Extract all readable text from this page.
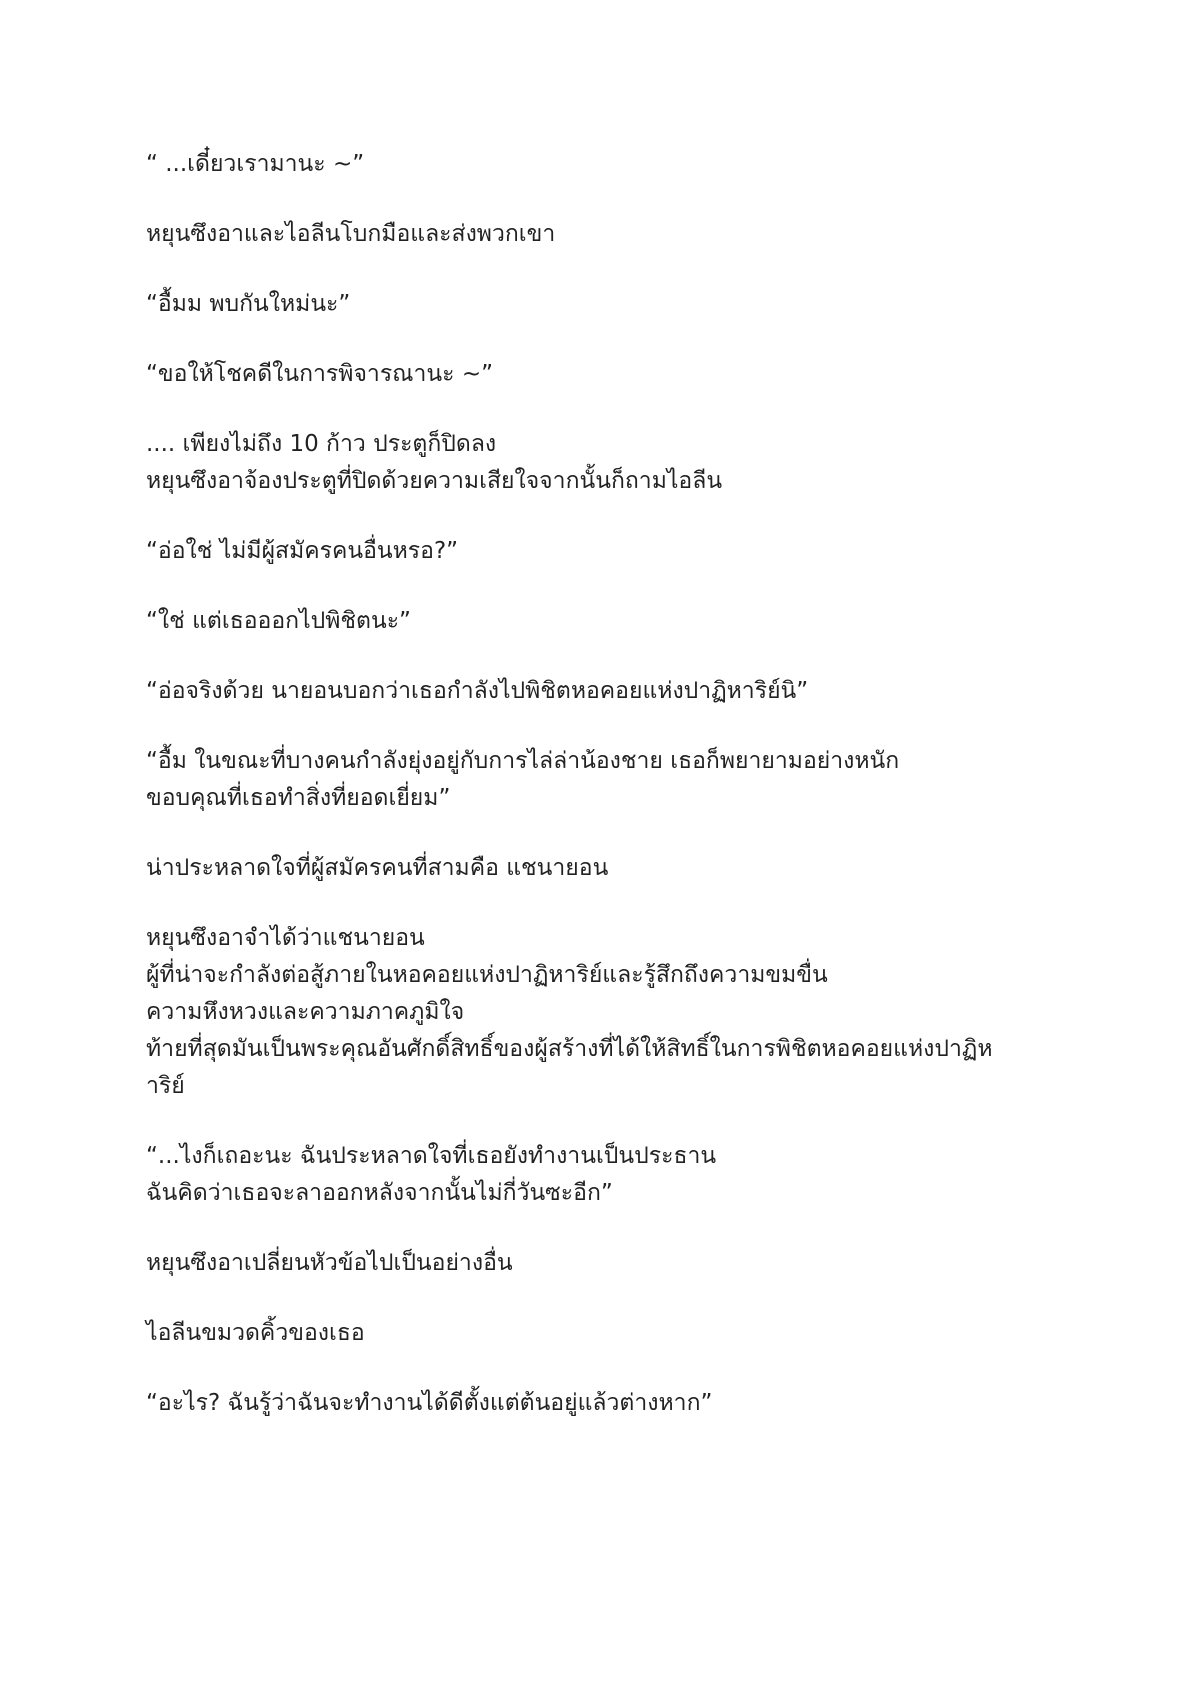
“ ...เดี๋ยวเรามานะ ~”

หยุนซึงอาและไอลีนโบกมือและส่งพวกเขา

“อื้มม พบกันใหม่นะ”

“ขอให้โชคดีในการพิจารณานะ ~”

.... เพียงไม่ถึง 10 ก้าว ประตูก็ปิดลง
หยุนซึงอาจ้องประตูที่ปิดด้วยความเสียใจจากนั้นก็ถามไอลีน

“อ่อใช่ ไม่มีผู้สมัครคนอื่นหรอ?”

“ใช่ แต่เธอออกไปพิชิตนะ”

“อ่อจริงด้วย นายอนบอกว่าเธอกำลังไปพิชิตหอคอยแห่งปาฏิหาริย์นิ”

“อื้ม ในขณะที่บางคนกำลังยุ่งอยู่กับการไล่ล่าน้องชาย เธอก็พยายามอย่างหนัก
ขอบคุณที่เธอทำสิ่งที่ยอดเยี่ยม”

น่าประหลาดใจที่ผู้สมัครคนที่สามคือ แชนายอน

หยุนซึงอาจำได้ว่าแชนายอน
ผู้ที่น่าจะกำลังต่อสู้ภายในหอคอยแห่งปาฏิหาริย์และรู้สึกถึงความขมขื่น
ความหึงหวงและความภาคภูมิใจ
ท้ายที่สุดมันเป็นพระคุณอันศักดิ์สิทธิ์ของผู้สร้างที่ได้ให้สิทธิ์ในการพิชิตหอคอยแห่งปาฏิห
าริย์

“...ไงก็เถอะนะ ฉันประหลาดใจที่เธอยังทำงานเป็นประธาน
ฉันคิดว่าเธอจะลาออกหลังจากนั้นไม่กี่วันซะอีก”

หยุนซึงอาเปลี่ยนหัวข้อไปเป็นอย่างอื่น

ไอลีนขมวดคิ้วของเธอ

“อะไร? ฉันรู้ว่าฉันจะทำงานได้ดีตั้งแต่ต้นอยู่แล้วต่างหาก”
